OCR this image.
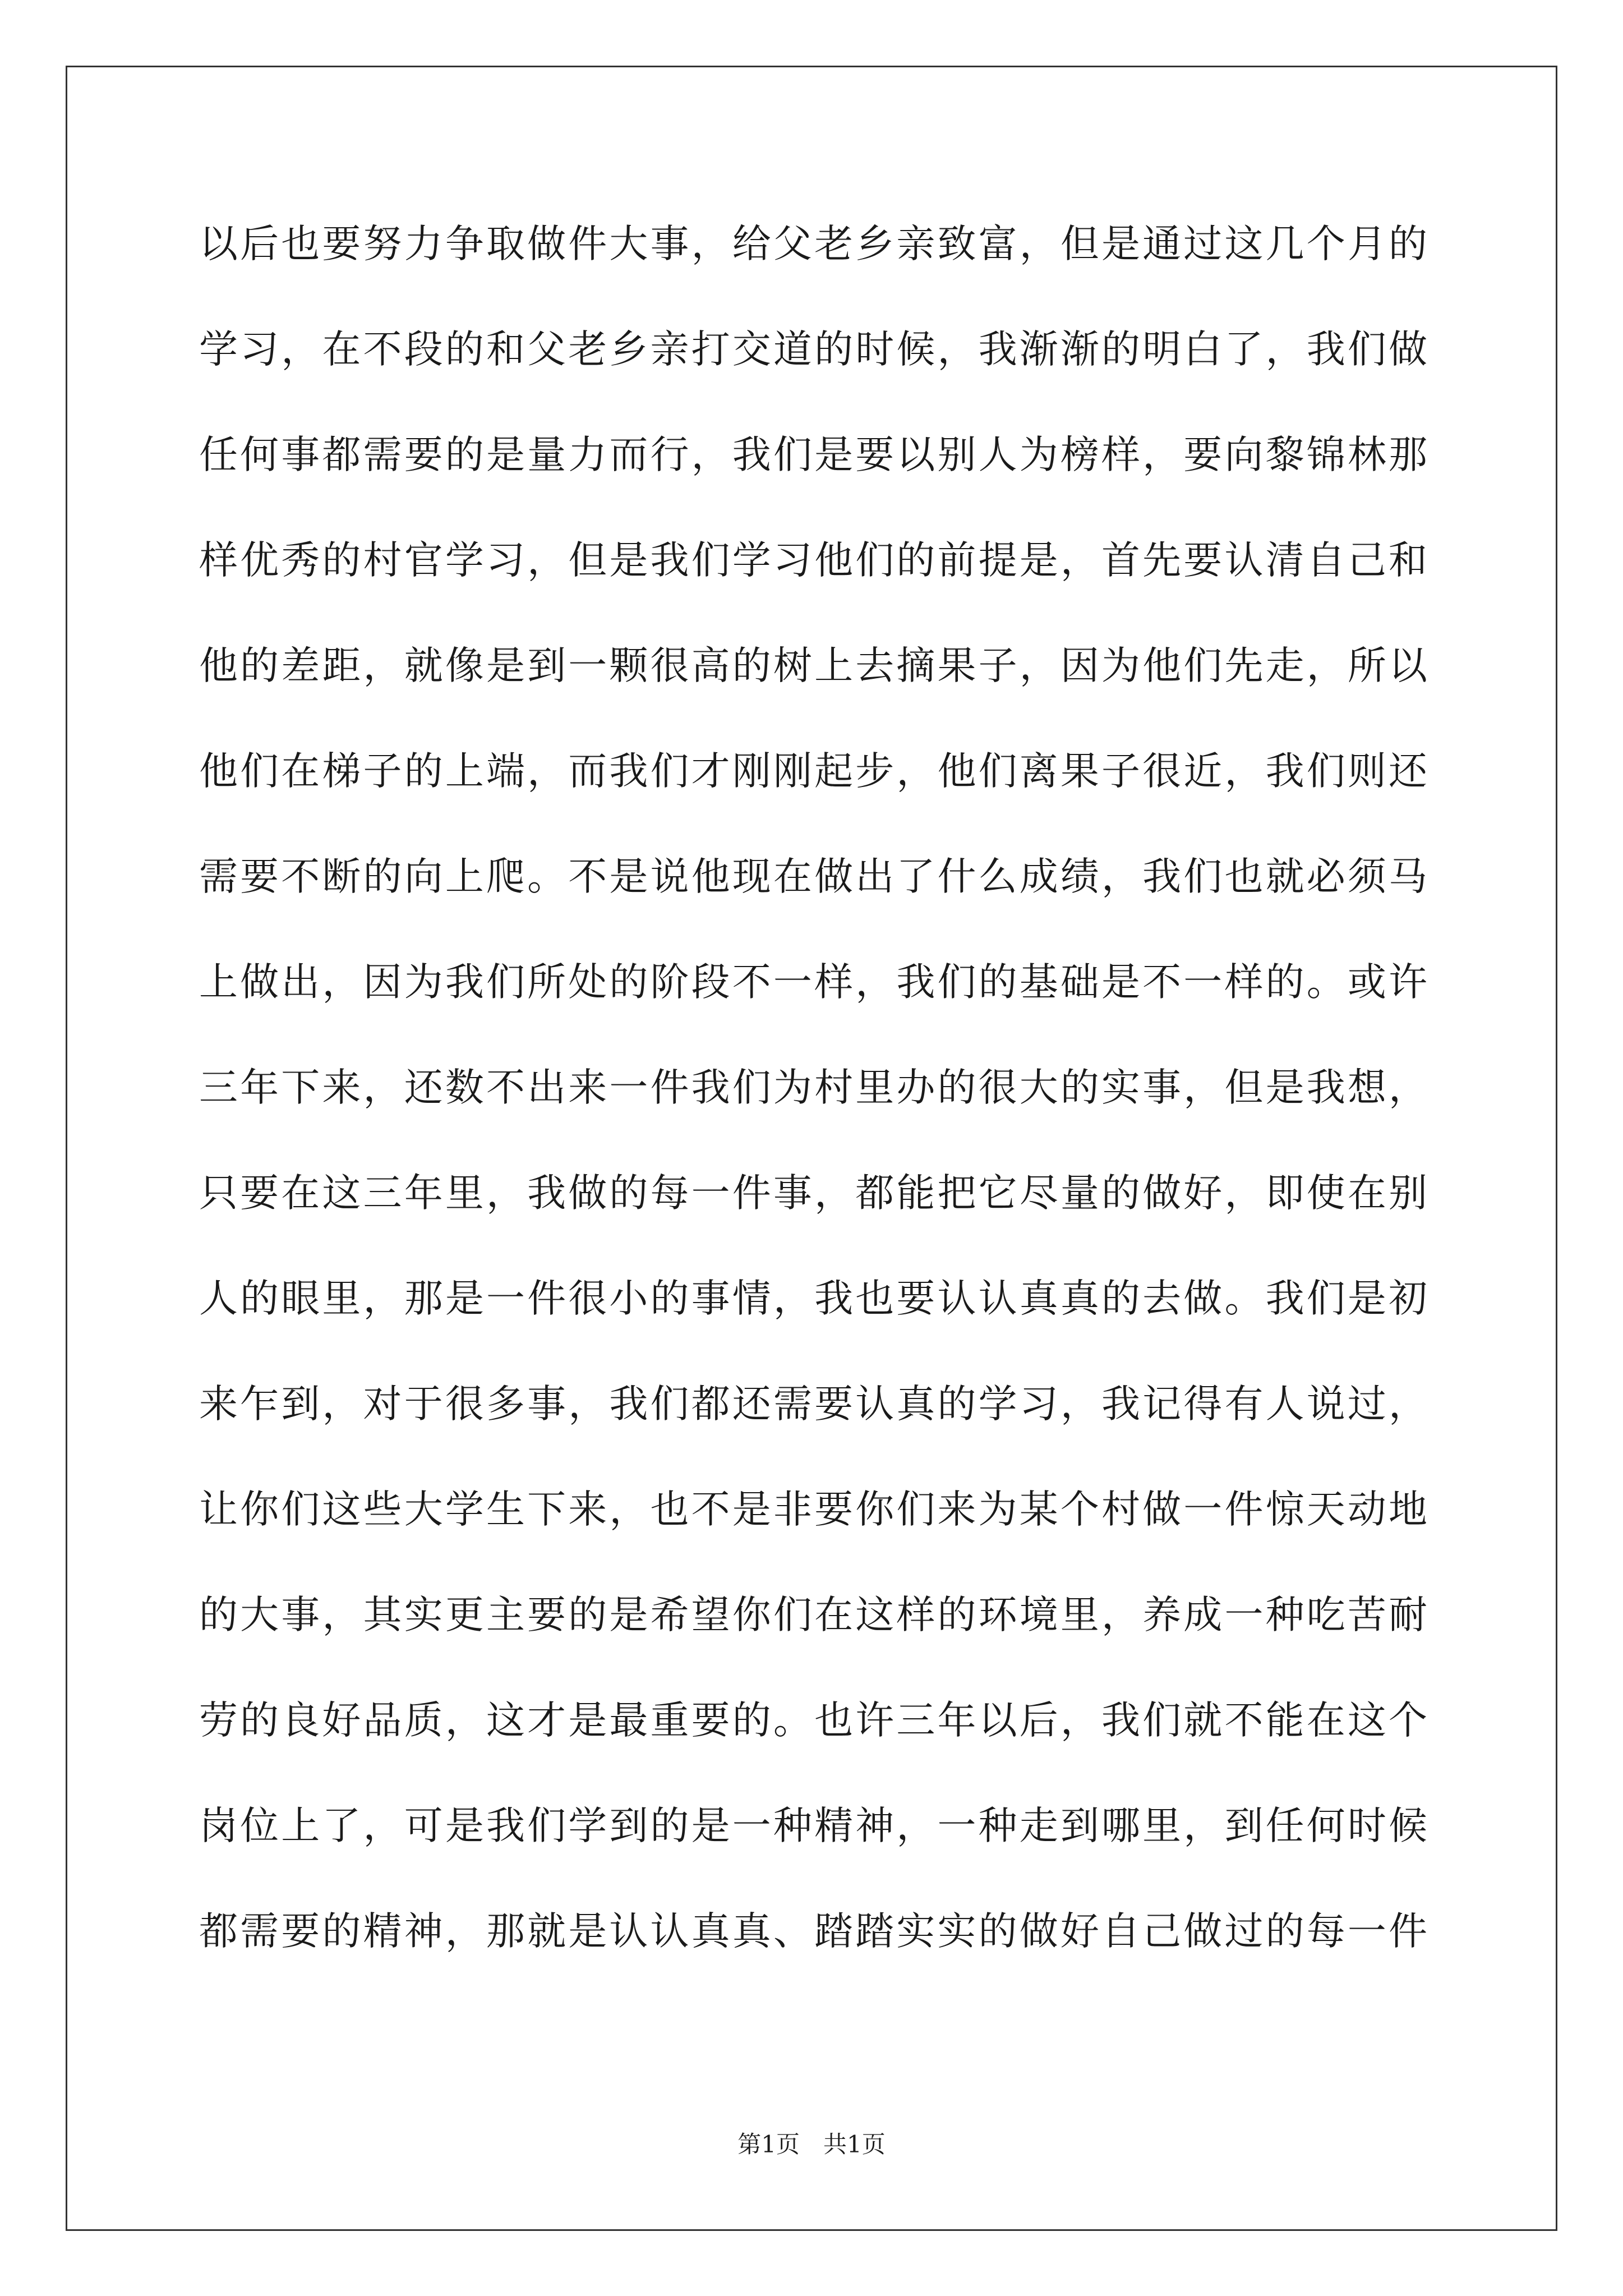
以后也要努力争取做件大事，给父老乡亲致富，但是通过这几个月的
学习，在不段的和父老乡亲打交道的时候，我渐渐的明白了，我们做
任何事都需要的是量力而行，我们是要以别人为榜样，要向黎锦林那
样优秀的村官学习，但是我们学习他们的前提是，首先要认清自己和
他的差距，就像是到一颗很高的树上去摘果子，因为他们先走，所以
他们在梯子的上端，而我们才刚刚起步，他们离果子很近，我们则还
需要不断的向上爬。不是说他现在做出了什么成绩，我们也就必须马
上做出，因为我们所处的阶段不一样，我们的基础是不一样的。或许
三年下来，还数不出来一件我们为村里办的很大的实事，但是我想，
只要在这三年里，我做的每一件事，都能把它尽量的做好，即使在别
人的眼里，那是一件很小的事情，我也要认认真真的去做。我们是初
来乍到，对于很多事，我们都还需要认真的学习，我记得有人说过，
让你们这些大学生下来，也不是非要你们来为某个村做一件惊天动地
的大事，其实更主要的是希望你们在这样的环境里，养成一种吃苦耐
劳的良好品质，这才是最重要的。也许三年以后，我们就不能在这个
岗位上了，可是我们学到的是一种精神，一种走到哪里，到任何时候
都需要的精神，那就是认认真真、踏踏实实的做好自己做过的每一件
第1页　共1页
